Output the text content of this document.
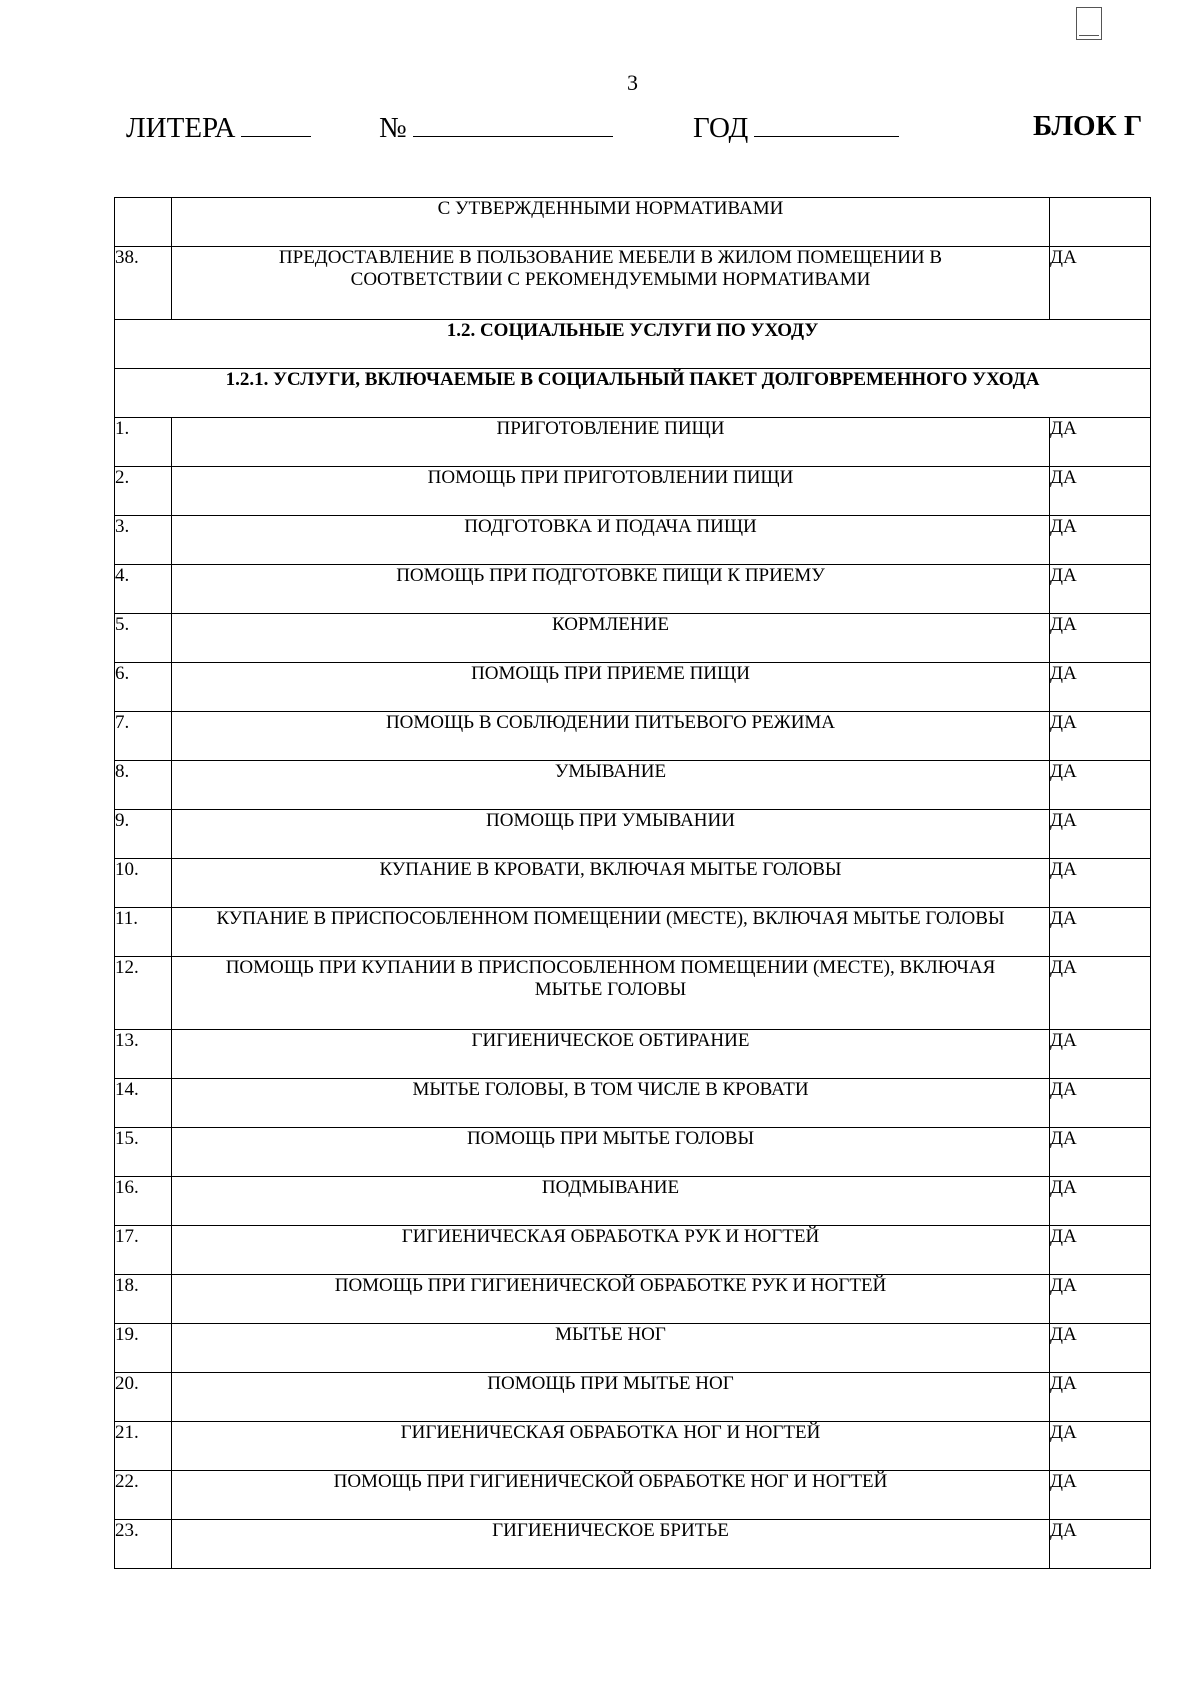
3
ЛИТЕРА	№	ГОД	БЛОК Г
	С УТВЕРЖДЕННЫМИ НОРМАТИВАМИ	
38.	ПРЕДОСТАВЛЕНИЕ В ПОЛЬЗОВАНИЕ МЕБЕЛИ В ЖИЛОМ ПОМЕЩЕНИИ В СООТВЕТСТВИИ С РЕКОМЕНДУЕМЫМИ НОРМАТИВАМИ	ДА
1.2. СОЦИАЛЬНЫЕ УСЛУГИ ПО УХОДУ		
1.2.1. УСЛУГИ, ВКЛЮЧАЕМЫЕ В СОЦИАЛЬНЫЙ ПАКЕТ ДОЛГОВРЕМЕННОГО УХОДА		
1.	ПРИГОТОВЛЕНИЕ ПИЩИ	ДА
2.	ПОМОЩЬ ПРИ ПРИГОТОВЛЕНИИ ПИЩИ	ДА
3.	ПОДГОТОВКА И ПОДАЧА ПИЩИ	ДА
4.	ПОМОЩЬ ПРИ ПОДГОТОВКЕ ПИЩИ К ПРИЕМУ	ДА
5.	КОРМЛЕНИЕ	ДА
6.	ПОМОЩЬ ПРИ ПРИЕМЕ ПИЩИ	ДА
7.	ПОМОЩЬ В СОБЛЮДЕНИИ ПИТЬЕВОГО РЕЖИМА	ДА
8.	УМЫВАНИЕ	ДА
9.	ПОМОЩЬ ПРИ УМЫВАНИИ	ДА
10.	КУПАНИЕ В КРОВАТИ, ВКЛЮЧАЯ МЫТЬЕ ГОЛОВЫ	ДА
11.	КУПАНИЕ В ПРИСПОСОБЛЕННОМ ПОМЕЩЕНИИ (МЕСТЕ), ВКЛЮЧАЯ МЫТЬЕ ГОЛОВЫ	ДА
12.	ПОМОЩЬ ПРИ КУПАНИИ В ПРИСПОСОБЛЕННОМ ПОМЕЩЕНИИ (МЕСТЕ), ВКЛЮЧАЯ МЫТЬЕ ГОЛОВЫ	ДА
13.	ГИГИЕНИЧЕСКОЕ ОБТИРАНИЕ	ДА
14.	МЫТЬЕ ГОЛОВЫ, В ТОМ ЧИСЛЕ В КРОВАТИ	ДА
15.	ПОМОЩЬ ПРИ МЫТЬЕ ГОЛОВЫ	ДА
16.	ПОДМЫВАНИЕ	ДА
17.	ГИГИЕНИЧЕСКАЯ ОБРАБОТКА РУК И НОГТЕЙ	ДА
18.	ПОМОЩЬ ПРИ ГИГИЕНИЧЕСКОЙ ОБРАБОТКЕ РУК И НОГТЕЙ	ДА
19.	МЫТЬЕ НОГ	ДА
20.	ПОМОЩЬ ПРИ МЫТЬЕ НОГ	ДА
21.	ГИГИЕНИЧЕСКАЯ ОБРАБОТКА НОГ И НОГТЕЙ	ДА
22.	ПОМОЩЬ ПРИ ГИГИЕНИЧЕСКОЙ ОБРАБОТКЕ НОГ И НОГТЕЙ	ДА
23.	ГИГИЕНИЧЕСКОЕ БРИТЬЕ	ДА
